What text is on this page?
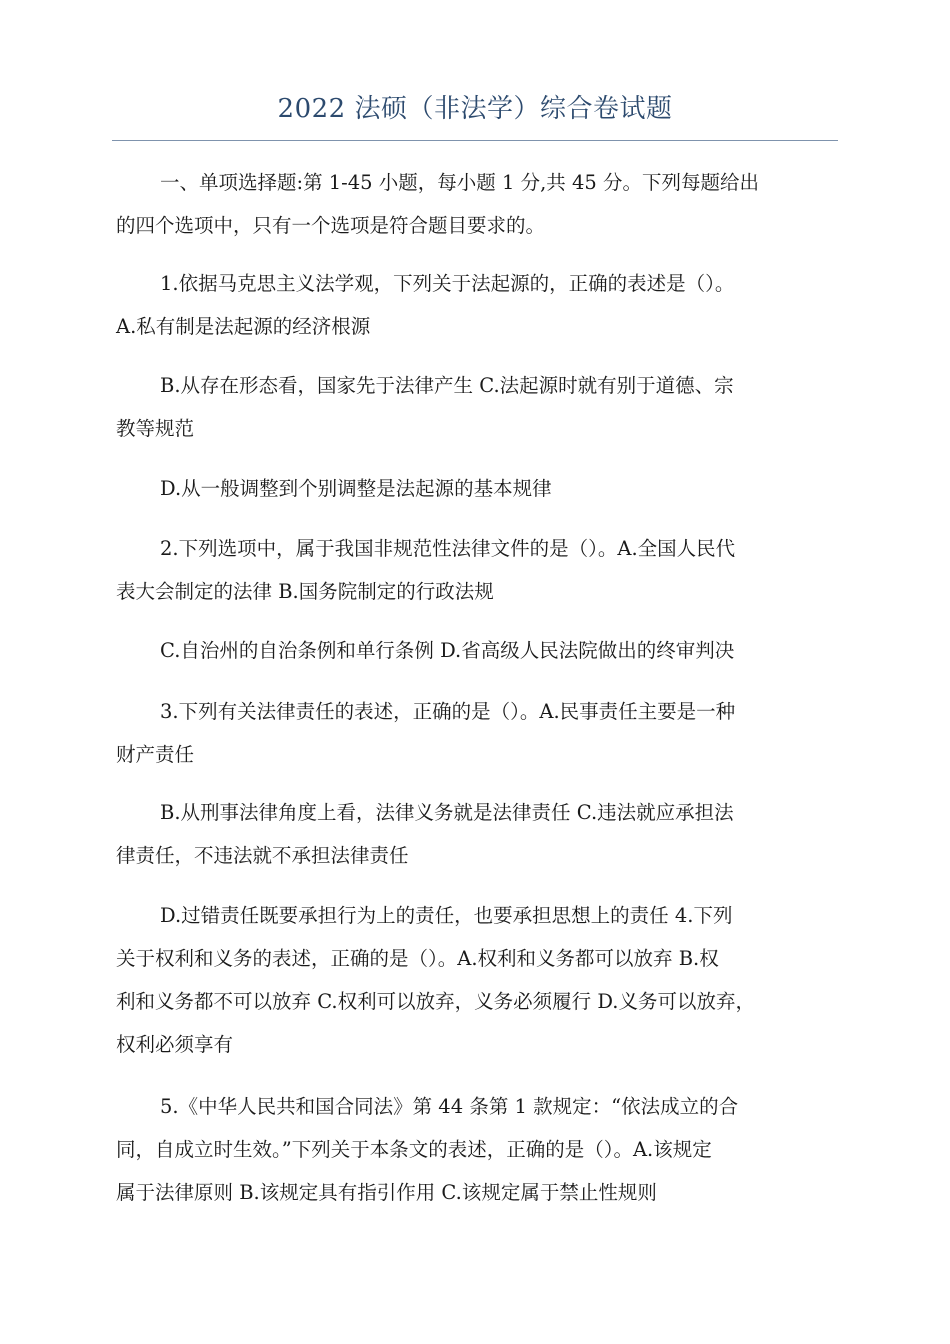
2022 法硕（非法学）综合卷试题

一、单项选择题:第 1-45 小题，每小题 1 分,共 45 分。下列每题给出
的四个选项中，只有一个选项是符合题目要求的。

1.依据马克思主义法学观，下列关于法起源的，正确的表述是（）。
A.私有制是法起源的经济根源

B.从存在形态看，国家先于法律产生 C.法起源时就有别于道德、宗
教等规范

D.从一般调整到个别调整是法起源的基本规律

2.下列选项中，属于我国非规范性法律文件的是（）。A.全国人民代
表大会制定的法律 B.国务院制定的行政法规

C.自治州的自治条例和单行条例 D.省高级人民法院做出的终审判决

3.下列有关法律责任的表述，正确的是（）。A.民事责任主要是一种
财产责任

B.从刑事法律角度上看，法律义务就是法律责任 C.违法就应承担法
律责任，不违法就不承担法律责任

D.过错责任既要承担行为上的责任，也要承担思想上的责任 4.下列
关于权利和义务的表述，正确的是（）。A.权利和义务都可以放弃 B.权
利和义务都不可以放弃 C.权利可以放弃，义务必须履行 D.义务可以放弃，
权利必须享有

5.《中华人民共和国合同法》第 44 条第 1 款规定：“依法成立的合
同，自成立时生效。”下列关于本条文的表述，正确的是（）。A.该规定
属于法律原则 B.该规定具有指引作用 C.该规定属于禁止性规则
